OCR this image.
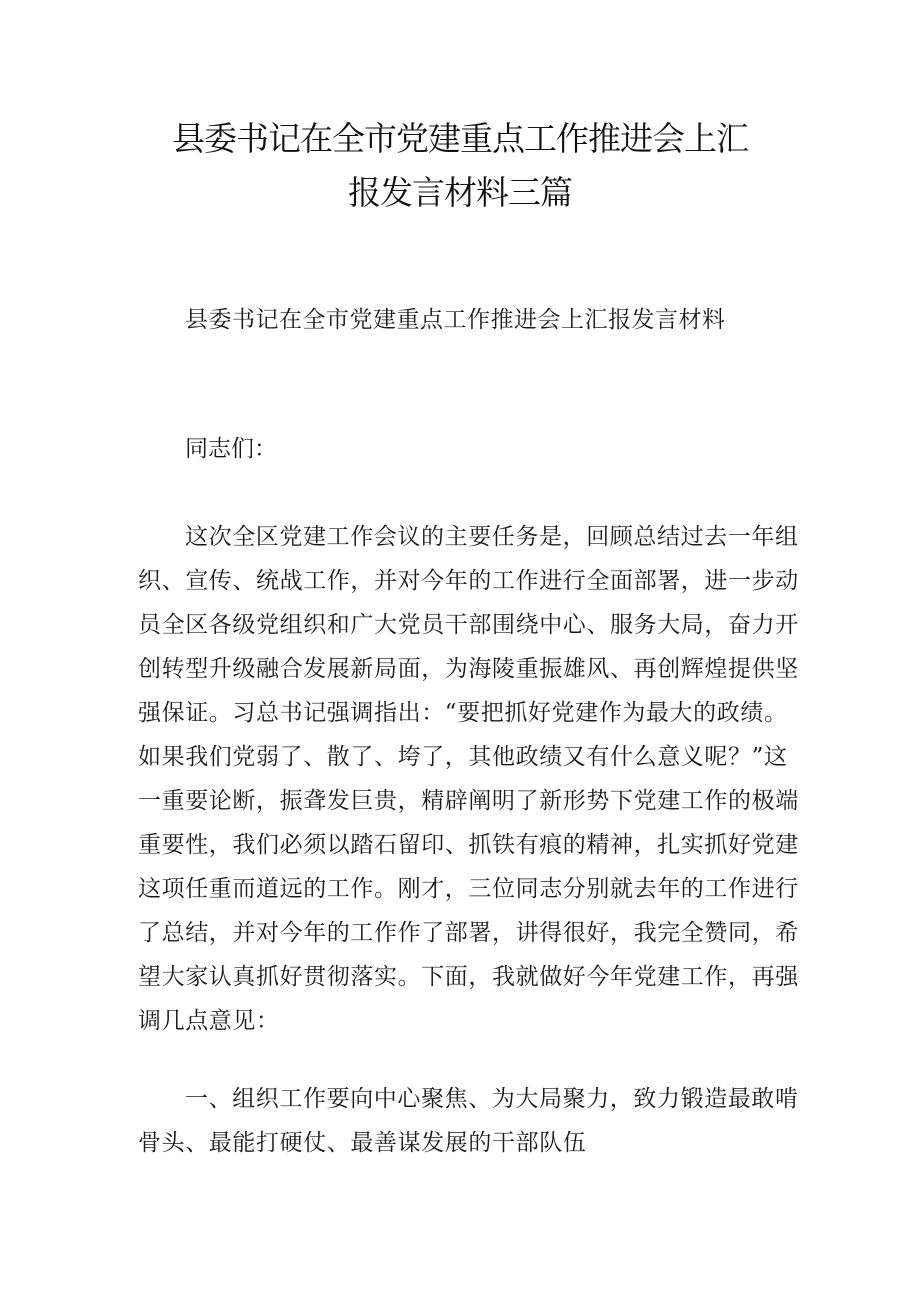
县委书记在全市党建重点工作推进会上汇
报发言材料三篇

县委书记在全市党建重点工作推进会上汇报发言材料

同志们：

这次全区党建工作会议的主要任务是，回顾总结过去一年组
织、宣传、统战工作，并对今年的工作进行全面部署，进一步动
员全区各级党组织和广大党员干部围绕中心、服务大局，奋力开
创转型升级融合发展新局面，为海陵重振雄风、再创辉煌提供坚
强保证。习总书记强调指出：“要把抓好党建作为最大的政绩。
如果我们党弱了、散了、垮了，其他政绩又有什么意义呢？”这
一重要论断，振聋发巨贵，精辟阐明了新形势下党建工作的极端
重要性，我们必须以踏石留印、抓铁有痕的精神，扎实抓好党建
这项任重而道远的工作。刚才，三位同志分别就去年的工作进行
了总结，并对今年的工作作了部署，讲得很好，我完全赞同，希
望大家认真抓好贯彻落实。下面，我就做好今年党建工作，再强
调几点意见：
一、组织工作要向中心聚焦、为大局聚力，致力锻造最敢啃
骨头、最能打硬仗、最善谋发展的干部队伍
